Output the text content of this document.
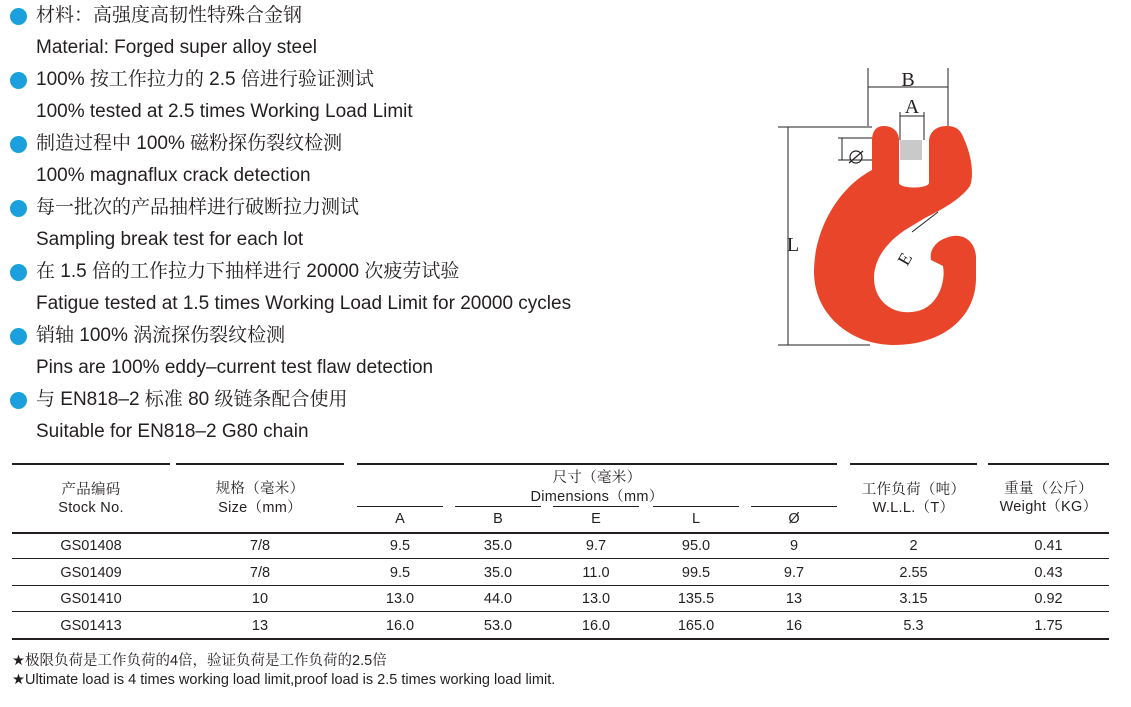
材料：高强度高韧性特殊合金钢
Material: Forged super alloy steel
100% 按工作拉力的 2.5 倍进行验证测试
100% tested at 2.5 times Working Load Limit
制造过程中 100% 磁粉探伤裂纹检测
100% magnaflux crack detection
每一批次的产品抽样进行破断拉力测试
Sampling break test for each lot
在 1.5 倍的工作拉力下抽样进行 20000 次疲劳试验
Fatigue tested at 1.5 times Working Load Limit for 20000 cycles
销轴 100% 涡流探伤裂纹检测
Pins are 100% eddy–current test flaw detection
与 EN818–2 标准 80 级链条配合使用
Suitable for EN818–2 G80 chain
B
A
L
E
产品编码
Stock No.
规格（毫米）
Size（mm）
尺寸（毫米）
Dimensions（mm）	工作负荷（吨）
W.L.L.（T）
重量（公斤）
Weight（KG）
A	B	E	L	Ø
GS01408	7/8	9.5	35.0	9.7	95.0	9	2	0.41
GS01409	7/8	9.5	35.0	11.0	99.5	9.7	2.55	0.43
GS01410	10	13.0	44.0	13.0	135.5	13	3.15	0.92
GS01413	13	16.0	53.0	16.0	165.0	16	5.3	1.75
★极限负荷是工作负荷的4倍，验证负荷是工作负荷的2.5倍
★Ultimate load is 4 times working load limit,proof load is 2.5 times working load limit.
